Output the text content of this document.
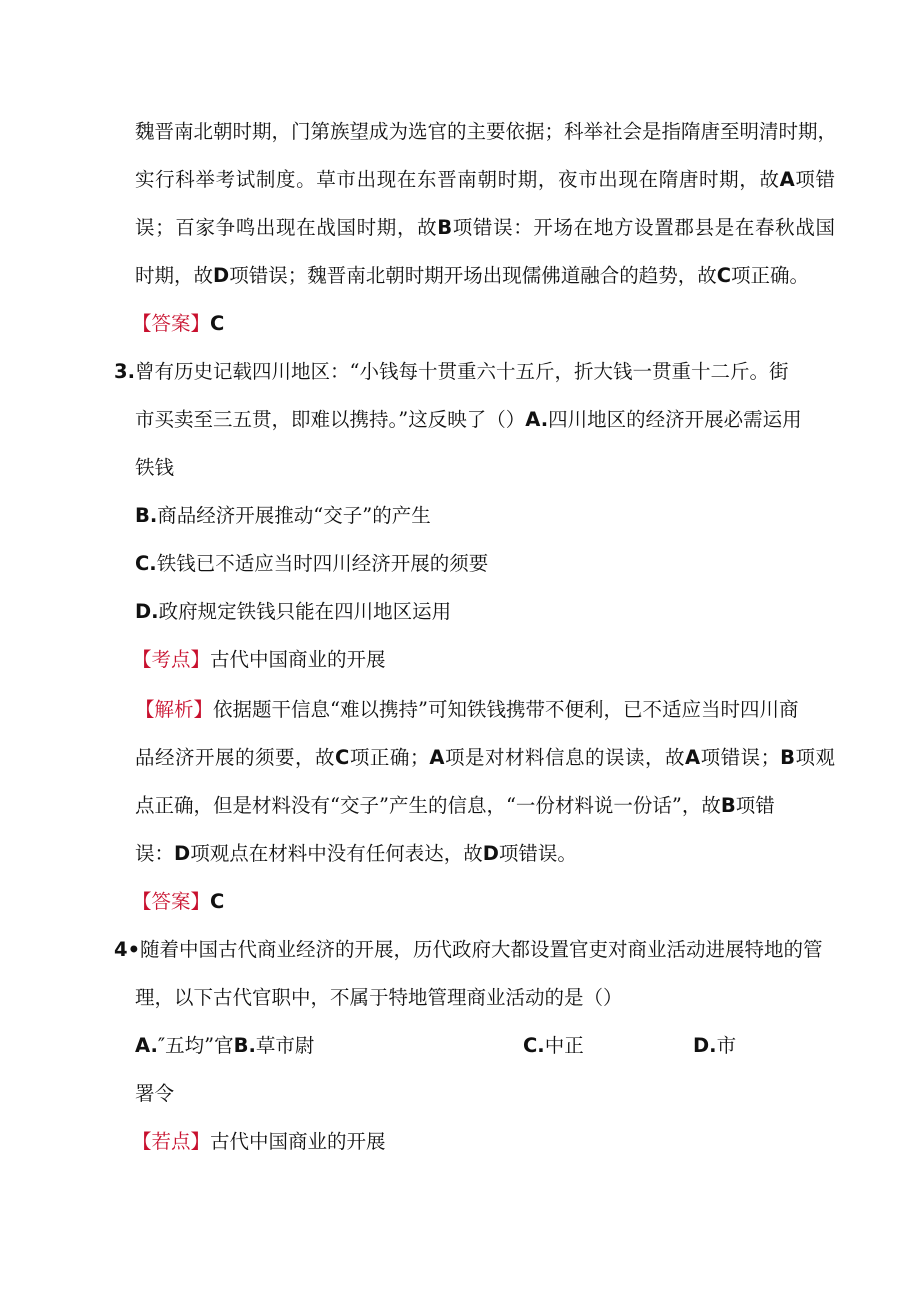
魏晋南北朝时期，门第族望成为选官的主要依据；科举社会是指隋唐至明清时期，
实行科举考试制度。草市出现在东晋南朝时期，夜市出现在隋唐时期，故A项错
误；百家争鸣出现在战国时期，故B项错误：开场在地方设置郡县是在春秋战国
时期，故D项错误；魏晋南北朝时期开场出现儒佛道融合的趋势，故C项正确。
【答案】C
3.曾有历史记载四川地区：“小钱每十贯重六十五斤，折大钱一贯重十二斤。街
市买卖至三五贯，即难以携持。”这反映了（）A.四川地区的经济开展必需运用
铁钱
B.商品经济开展推动“交子”的产生
C.铁钱已不适应当时四川经济开展的须要
D.政府规定铁钱只能在四川地区运用
【考点】古代中国商业的开展
【解析】依据题干信息“难以携持”可知铁钱携带不便利，已不适应当时四川商
品经济开展的须要，故C项正确；A项是对材料信息的误读，故A项错误；B项观
点正确，但是材料没有“交子”产生的信息，“一份材料说一份话”，故B项错
误：D项观点在材料中没有任何表达，故D项错误。
【答案】C
4•随着中国古代商业经济的开展，历代政府大都设置官吏对商业活动进展特地的管
理，以下古代官职中，不属于特地管理商业活动的是（）
A.″五均”官B.草市尉	C.中正	D.市
署令
【若点】古代中国商业的开展
